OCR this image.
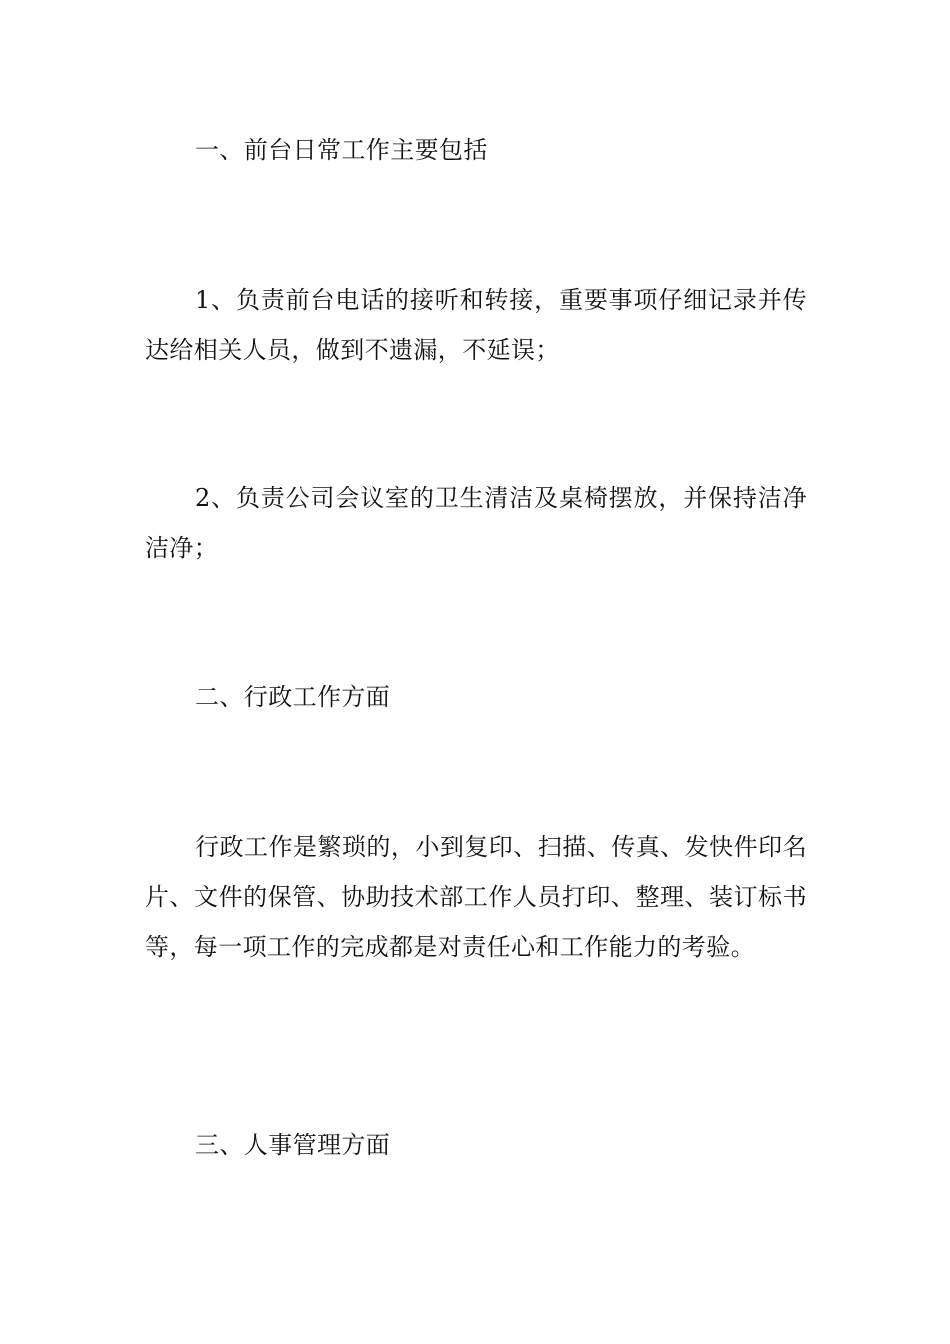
一、前台日常工作主要包括

1、负责前台电话的接听和转接，重要事项仔细记录并传达给相关人员，做到不遗漏，不延误；

2、负责公司会议室的卫生清洁及桌椅摆放，并保持洁净洁净；

二、行政工作方面

行政工作是繁琐的，小到复印、扫描、传真、发快件印名片、文件的保管、协助技术部工作人员打印、整理、装订标书等，每一项工作的完成都是对责任心和工作能力的考验。

三、人事管理方面
